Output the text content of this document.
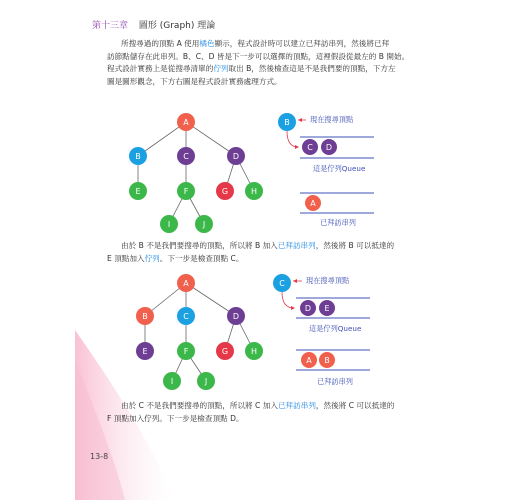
第十三章 圖形 (Graph) 理論
所搜尋過的頂點 A 使用橘色顯示，程式設計時可以建立已拜訪串列，然後將已拜
訪節點儲存在此串列。B、C、D 皆是下一步可以選擇的頂點，這裡假設從最左的 B 開始。
程式設計實務上是從搜尋清單的佇列取出 B，然後檢查這是不是我們要的頂點，下方左
圖是圖形觀念，下方右圖是程式設計實務處理方式。
A
B	C	D
E	F	G	H
I	J
B
C D
A
A
B	C	D
E	F	G	H
I	J
C
D E
A B
現在搜尋頂點
這是佇列Queue
已拜訪串列
由於 B 不是我們要搜尋的頂點，所以將 B 加入已拜訪串列，然後將 B 可以抵達的
E 頂點加入佇列。下一步是檢查頂點 C。
現在搜尋頂點
這是佇列Queue
已拜訪串列
由於 C 不是我們要搜尋的頂點，所以將 C 加入已拜訪串列，然後將 C 可以抵達的
F 頂點加入佇列。下一步是檢查頂點 D。
13-8
